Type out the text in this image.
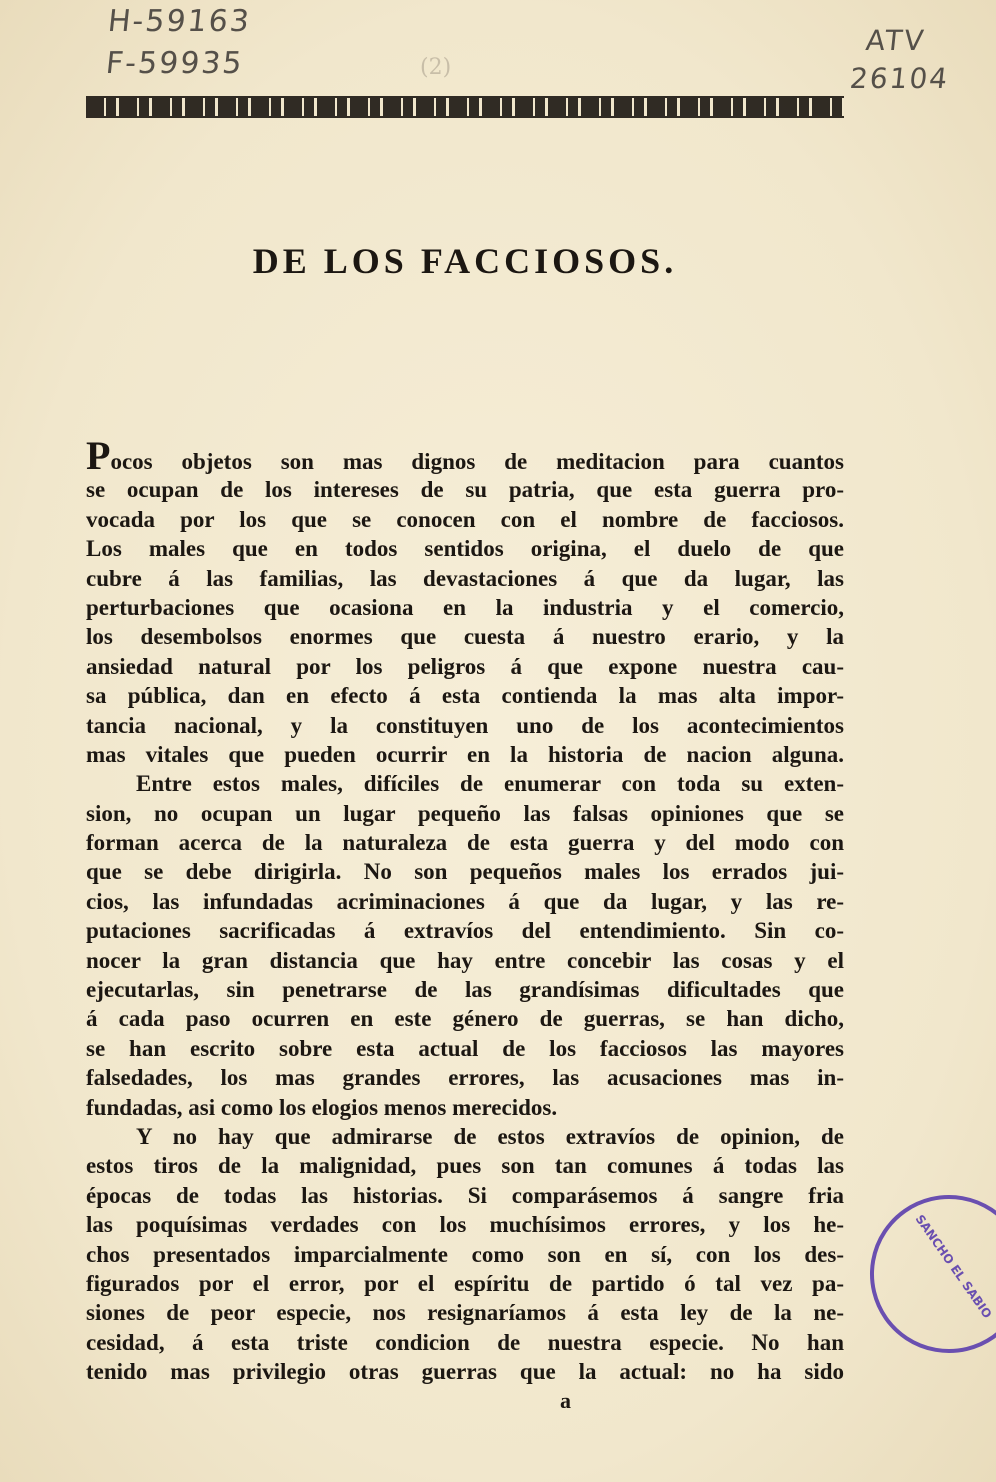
H-59163
F-59935
ATV
26104
(2)
DE LOS FACCIOSOS.
Pocos objetos son mas dignos de meditacion para cuantos
se ocupan de los intereses de su patria, que esta guerra pro-
vocada por los que se conocen con el nombre de facciosos.
Los males que en todos sentidos origina, el duelo de que
cubre á las familias, las devastaciones á que da lugar, las
perturbaciones que ocasiona en la industria y el comercio,
los desembolsos enormes que cuesta á nuestro erario, y la
ansiedad natural por los peligros á que expone nuestra cau-
sa pública, dan en efecto á esta contienda la mas alta impor-
tancia nacional, y la constituyen uno de los acontecimientos
mas vitales que pueden ocurrir en la historia de nacion alguna.
Entre estos males, difíciles de enumerar con toda su exten-
sion, no ocupan un lugar pequeño las falsas opiniones que se
forman acerca de la naturaleza de esta guerra y del modo con
que se debe dirigirla. No son pequeños males los errados jui-
cios, las infundadas acriminaciones á que da lugar, y las re-
putaciones sacrificadas á extravíos del entendimiento. Sin co-
nocer la gran distancia que hay entre concebir las cosas y el
ejecutarlas, sin penetrarse de las grandísimas dificultades que
á cada paso ocurren en este género de guerras, se han dicho,
se han escrito sobre esta actual de los facciosos las mayores
falsedades, los mas grandes errores, las acusaciones mas in-
fundadas, asi como los elogios menos merecidos.
Y no hay que admirarse de estos extravíos de opinion, de
estos tiros de la malignidad, pues son tan comunes á todas las
épocas de todas las historias. Si comparásemos á sangre fria
las poquísimas verdades con los muchísimos errores, y los he-
chos presentados imparcialmente como son en sí, con los des-
figurados por el error, por el espíritu de partido ó tal vez pa-
siones de peor especie, nos resignaríamos á esta ley de la ne-
cesidad, á esta triste condicion de nuestra especie. No han
tenido mas privilegio otras guerras que la actual: no ha sido
a
SANCHO EL SABIO
